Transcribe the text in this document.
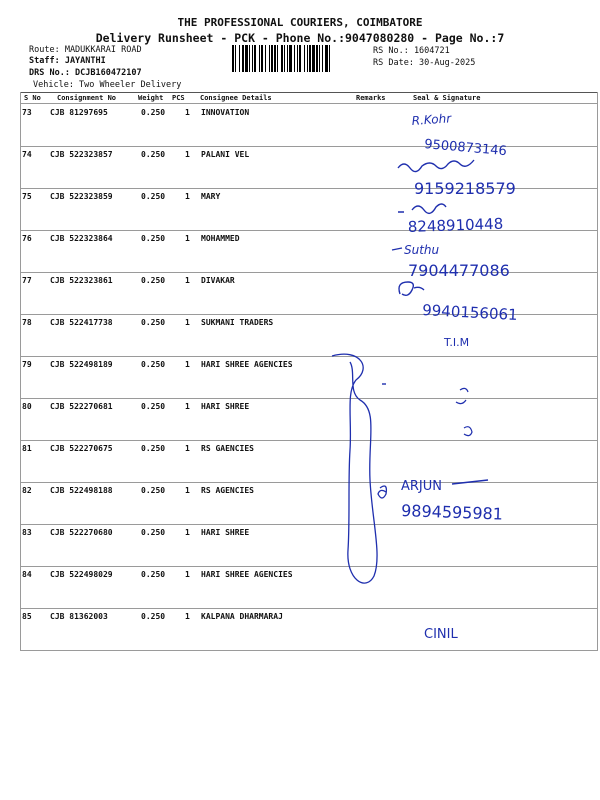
THE PROFESSIONAL COURIERS, COIMBATORE
Delivery Runsheet - PCK - Phone No.:9047080280 - Page No.:7
Route: MADUKKARAI ROAD
Staff: JAYANTHI
DRS No.: DCJB160472107
Vehicle: Two Wheeler Delivery
RS No.: 1604721
RS Date: 30-Aug-2025
S No Consignment No	Weight PCS Consignee Details	Remarks	Seal & Signature
73 CJB 81297695	0.250 1 INNOVATION
74 CJB 522323857	0.250 1 PALANI VEL
75 CJB 522323859	0.250 1 MARY
76 CJB 522323864	0.250 1 MOHAMMED
77 CJB 522323861	0.250 1 DIVAKAR
78 CJB 522417738	0.250 1 SUKMANI TRADERS
79 CJB 522498189	0.250 1 HARI SHREE AGENCIES
80 CJB 522270681	0.250 1 HARI SHREE
81 CJB 522270675	0.250 1 RS GAENCIES
82 CJB 522498188	0.250 1 RS AGENCIES
83 CJB 522270680	0.250 1 HARI SHREE
84 CJB 522498029	0.250 1 HARI SHREE AGENCIES
85 CJB 81362003	0.250 1 KALPANA DHARMARAJ
R.Kohr
9500873146
9159218579
8248910448
Suthu
7904477086
9940156061
T.I.M
ARJUN
9894595981
CINIL
